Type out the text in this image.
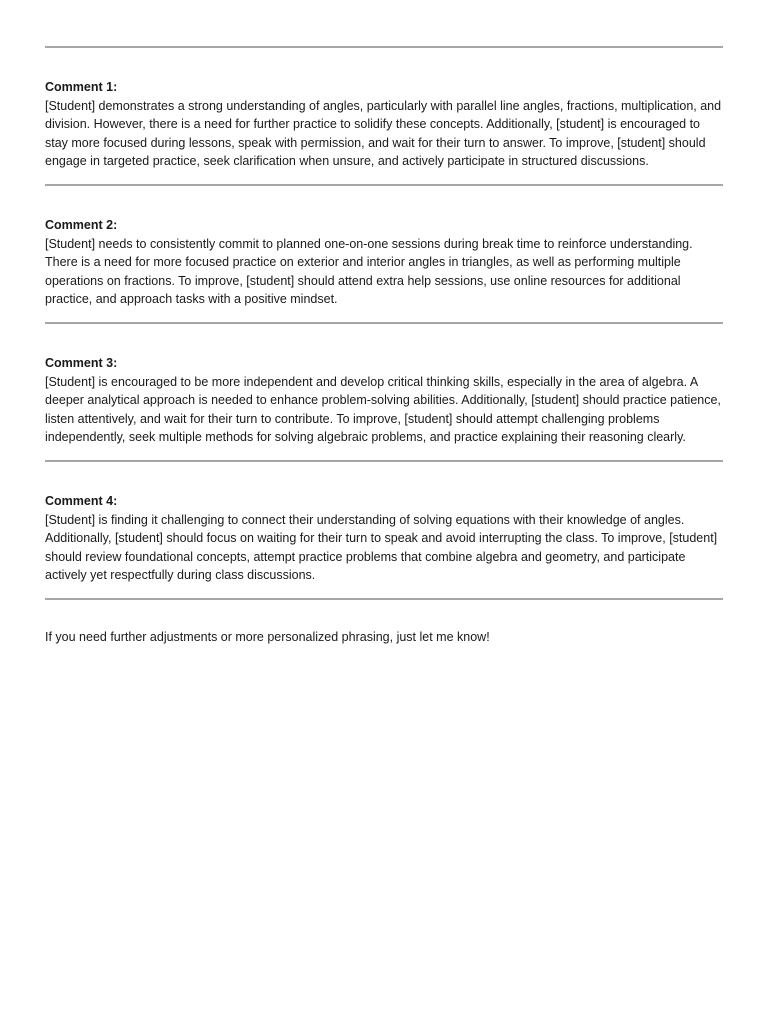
Comment 1:

[Student] demonstrates a strong understanding of angles, particularly with parallel line angles, fractions, multiplication, and division. However, there is a need for further practice to solidify these concepts. Additionally, [student] is encouraged to stay more focused during lessons, speak with permission, and wait for their turn to answer. To improve, [student] should engage in targeted practice, seek clarification when unsure, and actively participate in structured discussions.

Comment 2:

[Student] needs to consistently commit to planned one-on-one sessions during break time to reinforce understanding. There is a need for more focused practice on exterior and interior angles in triangles, as well as performing multiple operations on fractions. To improve, [student] should attend extra help sessions, use online resources for additional practice, and approach tasks with a positive mindset.

Comment 3:

[Student] is encouraged to be more independent and develop critical thinking skills, especially in the area of algebra. A deeper analytical approach is needed to enhance problem-solving abilities. Additionally, [student] should practice patience, listen attentively, and wait for their turn to contribute. To improve, [student] should attempt challenging problems independently, seek multiple methods for solving algebraic problems, and practice explaining their reasoning clearly.

Comment 4:

[Student] is finding it challenging to connect their understanding of solving equations with their knowledge of angles. Additionally, [student] should focus on waiting for their turn to speak and avoid interrupting the class. To improve, [student] should review foundational concepts, attempt practice problems that combine algebra and geometry, and participate actively yet respectfully during class discussions.

If you need further adjustments or more personalized phrasing, just let me know!
